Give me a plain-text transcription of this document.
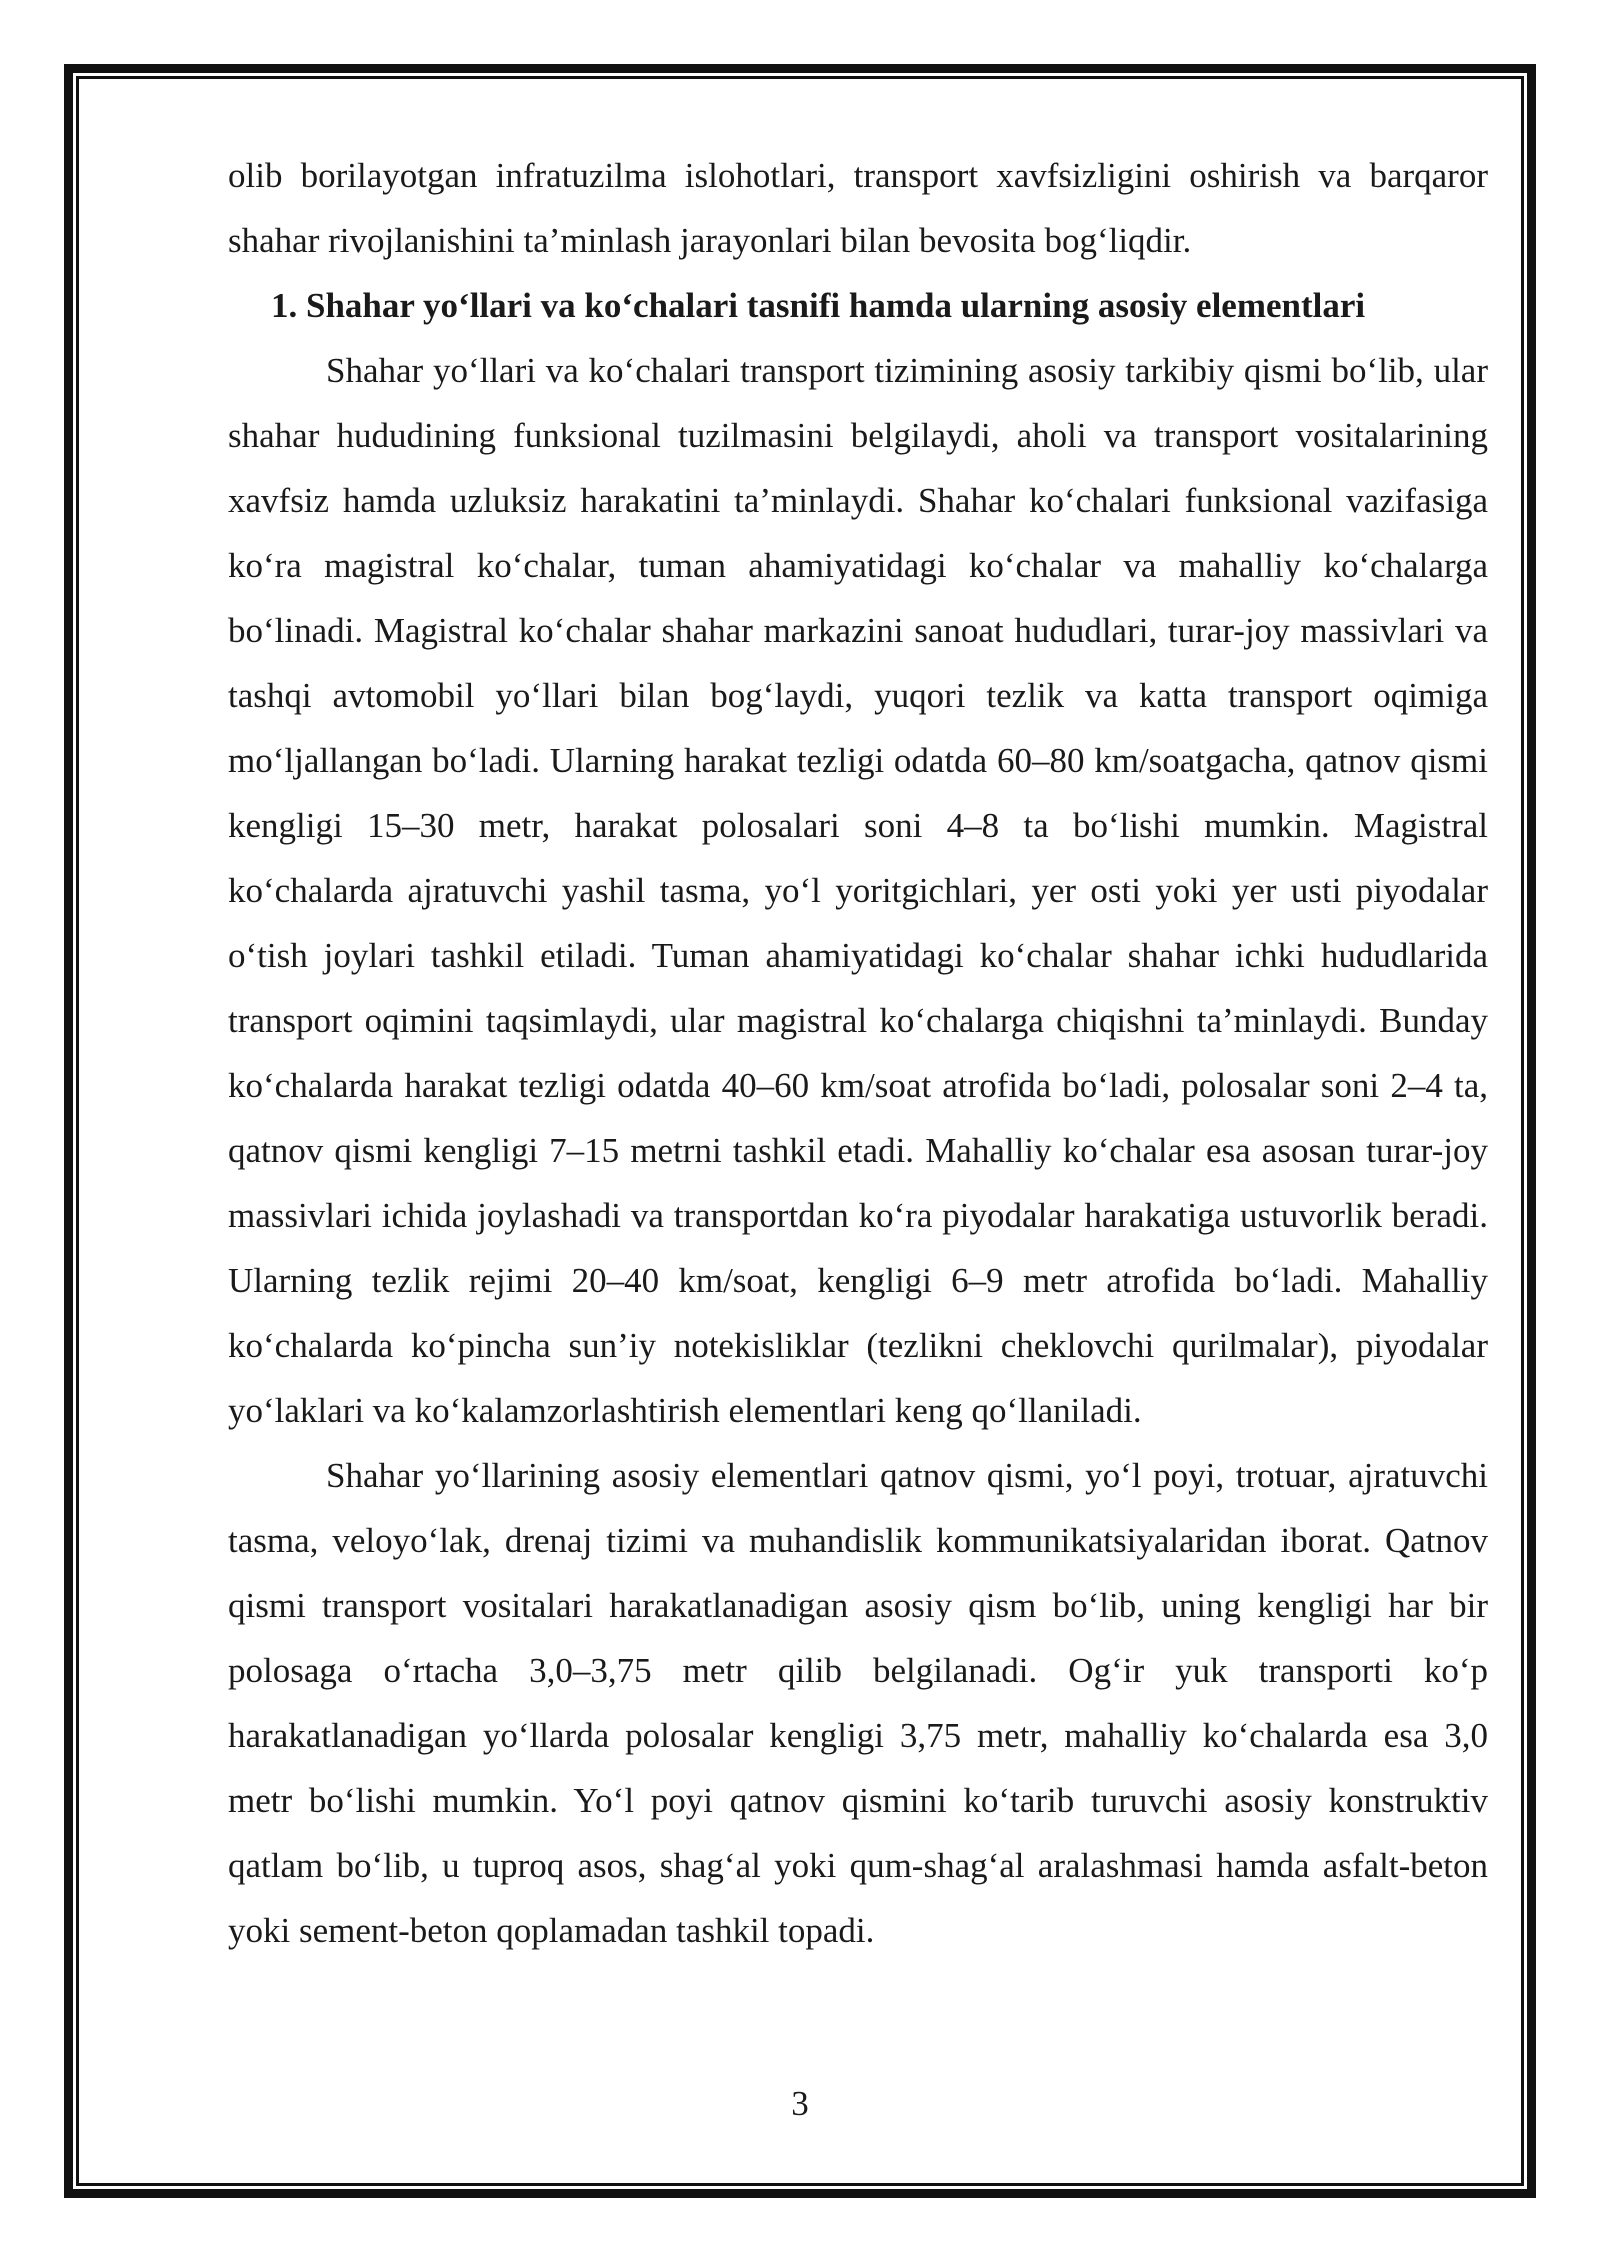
olib borilayotgan infratuzilma islohotlari, transport xavfsizligini oshirish va barqaror shahar rivojlanishini ta’minlash jarayonlari bilan bevosita bog‘liqdir.

1. Shahar yo‘llari va ko‘chalari tasnifi hamda ularning asosiy elementlari

Shahar yo‘llari va ko‘chalari transport tizimining asosiy tarkibiy qismi bo‘lib, ular shahar hududining funksional tuzilmasini belgilaydi, aholi va transport vositalarining xavfsiz hamda uzluksiz harakatini ta’minlaydi. Shahar ko‘chalari funksional vazifasiga ko‘ra magistral ko‘chalar, tuman ahamiyatidagi ko‘chalar va mahalliy ko‘chalarga bo‘linadi. Magistral ko‘chalar shahar markazini sanoat hududlari, turar-joy massivlari va tashqi avtomobil yo‘llari bilan bog‘laydi, yuqori tezlik va katta transport oqimiga mo‘ljallangan bo‘ladi. Ularning harakat tezligi odatda 60–80 km/soatgacha, qatnov qismi kengligi 15–30 metr, harakat polosalari soni 4–8 ta bo‘lishi mumkin. Magistral ko‘chalarda ajratuvchi yashil tasma, yo‘l yoritgichlari, yer osti yoki yer usti piyodalar o‘tish joylari tashkil etiladi. Tuman ahamiyatidagi ko‘chalar shahar ichki hududlarida transport oqimini taqsimlaydi, ular magistral ko‘chalarga chiqishni ta’minlaydi. Bunday ko‘chalarda harakat tezligi odatda 40–60 km/soat atrofida bo‘ladi, polosalar soni 2–4 ta, qatnov qismi kengligi 7–15 metrni tashkil etadi. Mahalliy ko‘chalar esa asosan turar-joy massivlari ichida joylashadi va transportdan ko‘ra piyodalar harakatiga ustuvorlik beradi. Ularning tezlik rejimi 20–40 km/soat, kengligi 6–9 metr atrofida bo‘ladi. Mahalliy ko‘chalarda ko‘pincha sun’iy notekisliklar (tezlikni cheklovchi qurilmalar), piyodalar yo‘laklari va ko‘kalamzorlashtirish elementlari keng qo‘llaniladi.

Shahar yo‘llarining asosiy elementlari qatnov qismi, yo‘l poyi, trotuar, ajratuvchi tasma, veloyo‘lak, drenaj tizimi va muhandislik kommunikatsiyalaridan iborat. Qatnov qismi transport vositalari harakatlanadigan asosiy qism bo‘lib, uning kengligi har bir polosaga o‘rtacha 3,0–3,75 metr qilib belgilanadi. Og‘ir yuk transporti ko‘p harakatlanadigan yo‘llarda polosalar kengligi 3,75 metr, mahalliy ko‘chalarda esa 3,0 metr bo‘lishi mumkin. Yo‘l poyi qatnov qismini ko‘tarib turuvchi asosiy konstruktiv qatlam bo‘lib, u tuproq asos, shag‘al yoki qum-shag‘al aralashmasi hamda asfalt-beton yoki sement-beton qoplamadan tashkil topadi.

3
